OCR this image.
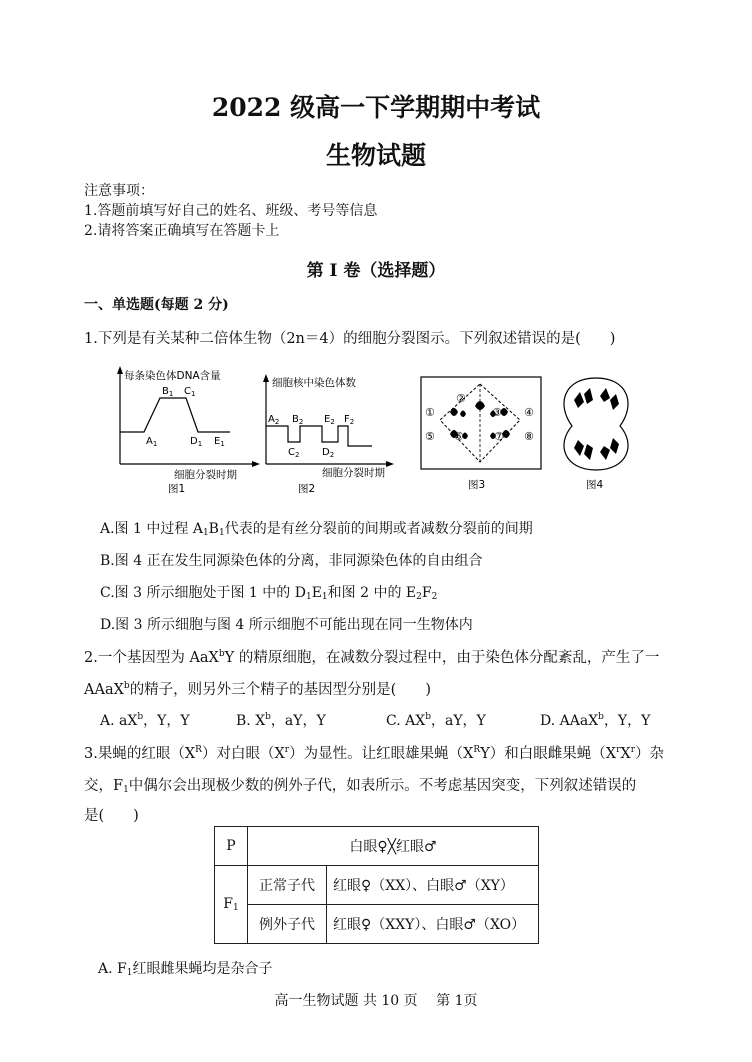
2022 级高一下学期期中考试
生物试题
注意事项：
1.答题前填写好自己的姓名、班级、考号等信息
2.请将答案正确填写在答题卡上
第 I 卷（选择题）
一、单选题(每题 2 分)
1.下列是有关某种二倍体生物（2n＝4）的细胞分裂图示。下列叙述错误的是(　　)
每条染色体DNA含量
$A_1$
$B_1$ $C_1$
$D_1$ $E_1$
细胞分裂时期
图1
细胞核中染色体数
$A_2$ $B_2$ $E_2$ $F_2$
$C_2$ $D_2$
细胞分裂时期
图2
①
②
③ ④
⑤ ⑥	⑦ ⑧
图3	图4
A.图 1 中过程 $A_1B_1$代表的是有丝分裂前的间期或者减数分裂前的间期
B.图 4 正在发生同源染色体的分离，非同源染色体的自由组合
C.图 3 所示细胞处于图 1 中的 $D_1E_1$和图 2 中的 $E_2F_2$
D.图 3 所示细胞与图 4 所示细胞不可能出现在同一生物体内
2.一个基因型为 AaX$^b$Y 的精原细胞，在减数分裂过程中，由于染色体分配紊乱，产生了一
AAaX$^b$的精子，则另外三个精子的基因型分别是(　　)
A. $aX^b$，Y，Y	B. $X^b$，aY，Y	C. $AX^b$，aY，Y	D. AAaX$^b$，Y，Y
3.果蝇的红眼$(X^R)$对白眼$(X^r)$为显性。让红眼雄果蝇$(X^RY)$和白眼雌果蝇$(X^rX^r)$杂
交，$F_1$中偶尔会出现极少数的例外子代，如表所示。不考虑基因突变，下列叙述错误的
是(　　)
P	白眼♀╳红眼♂	
$F_1$	正常子代	红眼♀（XX）、白眼♂（XY）
	例外子代	红眼♀（XXY）、白眼♂（XO）
A. $F_1$红眼雌果蝇均是杂合子
高一生物试题 共 10 页　 第 1页
